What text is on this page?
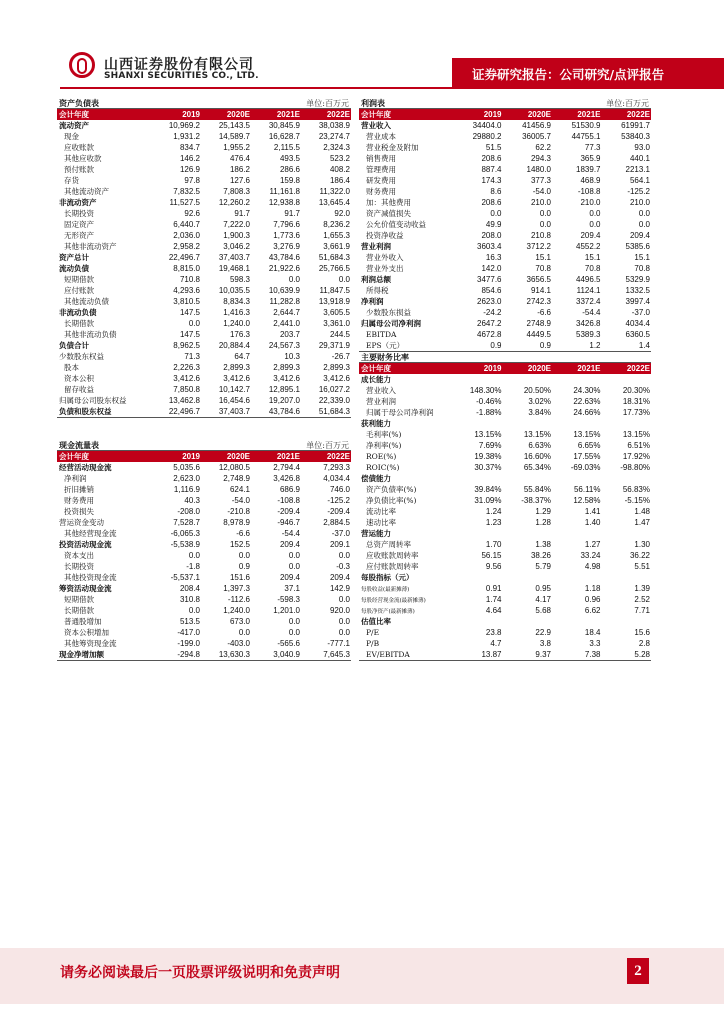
山西证券股份有限公司
SHANXI SECURITIES CO., LTD.	证券研究报告：公司研究/点评报告
资产负债表	单位:百万元
会计年度	2019	2020E	2021E	2022E
流动资产	10,969.2	25,143.5	30,845.9	38,038.9
现金	1,931.2	14,589.7	16,628.7	23,274.7
应收账款	834.7	1,955.2	2,115.5	2,324.3
其他应收款	146.2	476.4	493.5	523.2
预付账款	126.9	186.2	286.6	408.2
存货	97.8	127.6	159.8	186.4
其他流动资产	7,832.5	7,808.3	11,161.8	11,322.0
非流动资产	11,527.5	12,260.2	12,938.8	13,645.4
长期投资	92.6	91.7	91.7	92.0
固定资产	6,440.7	7,222.0	7,796.6	8,236.2
无形资产	2,036.0	1,900.3	1,773.6	1,655.3
其他非流动资产	2,958.2	3,046.2	3,276.9	3,661.9
资产总计	22,496.7	37,403.7	43,784.6	51,684.3
流动负债	8,815.0	19,468.1	21,922.6	25,766.5
短期借款	710.8	598.3	0.0	0.0
应付账款	4,293.6	10,035.5	10,639.9	11,847.5
其他流动负债	3,810.5	8,834.3	11,282.8	13,918.9
非流动负债	147.5	1,416.3	2,644.7	3,605.5
长期借款	0.0	1,240.0	2,441.0	3,361.0
其他非流动负债	147.5	176.3	203.7	244.5
负债合计	8,962.5	20,884.4	24,567.3	29,371.9
少数股东权益	71.3	64.7	10.3	-26.7
股本	2,226.3	2,899.3	2,899.3	2,899.3
资本公积	3,412.6	3,412.6	3,412.6	3,412.6
留存收益	7,850.8	10,142.7	12,895.1	16,027.2
归属母公司股东权益	13,462.8	16,454.6	19,207.0	22,339.0
负债和股东权益	22,496.7	37,403.7	43,784.6	51,684.3
现金流量表	单位:百万元
会计年度	2019	2020E	2021E	2022E
经营活动现金流	5,035.6	12,080.5	2,794.4	7,293.3
净利润	2,623.0	2,748.9	3,426.8	4,034.4
折旧摊销	1,116.9	624.1	686.9	746.0
财务费用	40.3	-54.0	-108.8	-125.2
投资损失	-208.0	-210.8	-209.4	-209.4
营运资金变动	7,528.7	8,978.9	-946.7	2,884.5
其他经营现金流	-6,065.3	-6.6	-54.4	-37.0
投资活动现金流	-5,538.9	152.5	209.4	209.1
资本支出	0.0	0.0	0.0	0.0
长期投资	-1.8	0.9	0.0	-0.3
其他投资现金流	-5,537.1	151.6	209.4	209.4
筹资活动现金流	208.4	1,397.3	37.1	142.9
短期借款	310.8	-112.6	-598.3	0.0
长期借款	0.0	1,240.0	1,201.0	920.0
普通股增加	513.5	673.0	0.0	0.0
资本公积增加	-417.0	0.0	0.0	0.0
其他筹资现金流	-199.0	-403.0	-565.6	-777.1
现金净增加额	-294.8	13,630.3	3,040.9	7,645.3
利润表	单位:百万元
会计年度	2019	2020E	2021E	2022E
营业收入	34404.0	41456.9	51530.9	61991.7
营业成本	29880.2	36005.7	44755.1	53840.3
营业税金及附加	51.5	62.2	77.3	93.0
销售费用	208.6	294.3	365.9	440.1
管理费用	887.4	1480.0	1839.7	2213.1
研发费用	174.3	377.3	468.9	564.1
财务费用	8.6	-54.0	-108.8	-125.2
加：其他费用	208.6	210.0	210.0	210.0
资产减值损失	0.0	0.0	0.0	0.0
公允价值变动收益	49.9	0.0	0.0	0.0
投资净收益	208.0	210.8	209.4	209.4
营业利润	3603.4	3712.2	4552.2	5385.6
营业外收入	16.3	15.1	15.1	15.1
营业外支出	142.0	70.8	70.8	70.8
利润总额	3477.6	3656.5	4496.5	5329.9
所得税	854.6	914.1	1124.1	1332.5
净利润	2623.0	2742.3	3372.4	3997.4
少数股东损益	-24.2	-6.6	-54.4	-37.0
归属母公司净利润	2647.2	2748.9	3426.8	4034.4
EBITDA	4672.8	4449.5	5389.3	6360.5
EPS（元）	0.9	0.9	1.2	1.4
主要财务比率
会计年度	2019	2020E	2021E	2022E
成长能力
营业收入	148.30%	20.50%	24.30%	20.30%
营业利润	-0.46%	3.02%	22.63%	18.31%
归属于母公司净利润	-1.88%	3.84%	24.66%	17.73%
获利能力
毛利率(%)	13.15%	13.15%	13.15%	13.15%
净利率(%)	7.69%	6.63%	6.65%	6.51%
ROE(%)	19.38%	16.60%	17.55%	17.92%
ROIC(%)	30.37%	65.34%	-69.03%	-98.80%
偿债能力
资产负债率(%)	39.84%	55.84%	56.11%	56.83%
净负债比率(%)	31.09%	-38.37%	12.58%	-5.15%
流动比率	1.24	1.29	1.41	1.48
速动比率	1.23	1.28	1.40	1.47
营运能力
总资产周转率	1.70	1.38	1.27	1.30
应收账款周转率	56.15	38.26	33.24	36.22
应付账款周转率	9.56	5.79	4.98	5.51
每股指标（元）
每股收益(最新摊薄)	0.91	0.95	1.18	1.39
每股经营现金流(最新摊薄)	1.74	4.17	0.96	2.52
每股净资产(最新摊薄)	4.64	5.68	6.62	7.71
估值比率
P/E	23.8	22.9	18.4	15.6
P/B	4.7	3.8	3.3	2.8
EV/EBITDA	13.87	9.37	7.38	5.28
请务必阅读最后一页股票评级说明和免责声明	2
